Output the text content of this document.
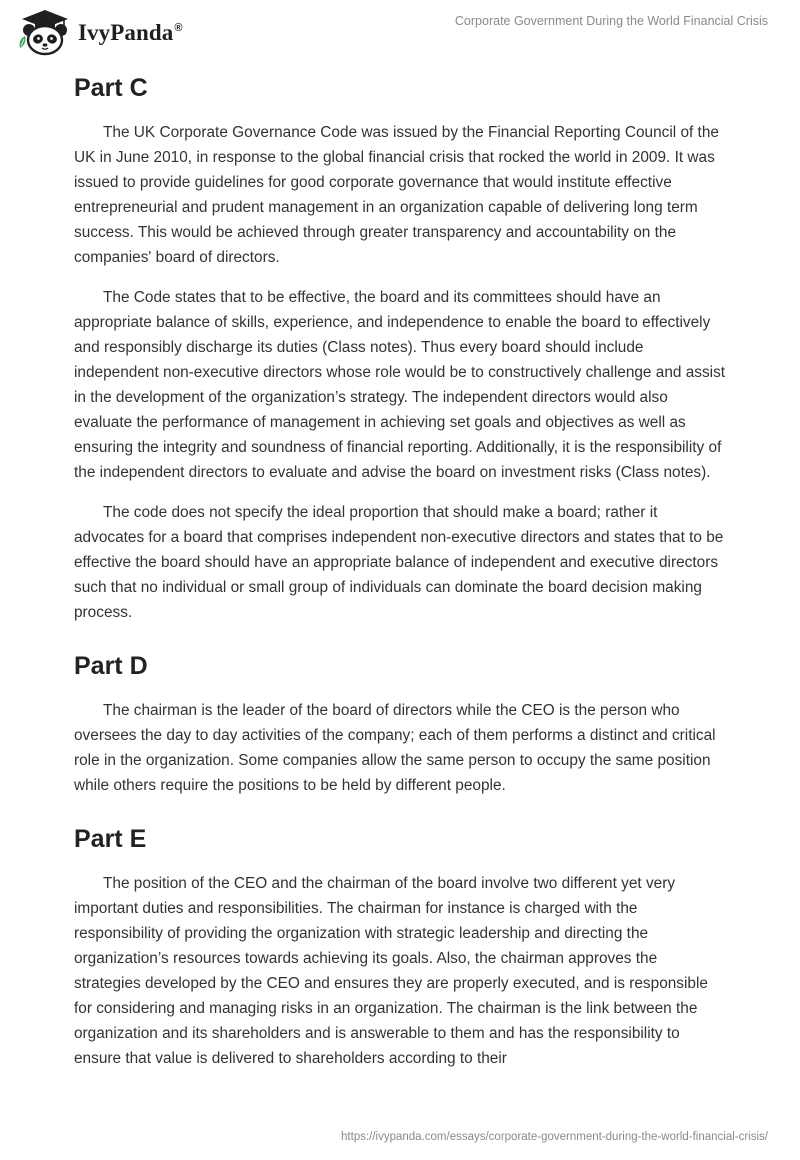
IvyPanda®
Corporate Government During the World Financial Crisis
Part C

The UK Corporate Governance Code was issued by the Financial Reporting Council of the UK in June 2010, in response to the global financial crisis that rocked the world in 2009. It was issued to provide guidelines for good corporate governance that would institute effective entrepreneurial and prudent management in an organization capable of delivering long term success. This would be achieved through greater transparency and accountability on the companies' board of directors.

The Code states that to be effective, the board and its committees should have an appropriate balance of skills, experience, and independence to enable the board to effectively and responsibly discharge its duties (Class notes). Thus every board should include independent non-executive directors whose role would be to constructively challenge and assist in the development of the organization’s strategy. The independent directors would also evaluate the performance of management in achieving set goals and objectives as well as ensuring the integrity and soundness of financial reporting. Additionally, it is the responsibility of the independent directors to evaluate and advise the board on investment risks (Class notes).

The code does not specify the ideal proportion that should make a board; rather it advocates for a board that comprises independent non-executive directors and states that to be effective the board should have an appropriate balance of independent and executive directors such that no individual or small group of individuals can dominate the board decision making process.

Part D

The chairman is the leader of the board of directors while the CEO is the person who oversees the day to day activities of the company; each of them performs a distinct and critical role in the organization. Some companies allow the same person to occupy the same position while others require the positions to be held by different people.

Part E

The position of the CEO and the chairman of the board involve two different yet very important duties and responsibilities. The chairman for instance is charged with the responsibility of providing the organization with strategic leadership and directing the organization’s resources towards achieving its goals. Also, the chairman approves the strategies developed by the CEO and ensures they are properly executed, and is responsible for considering and managing risks in an organization. The chairman is the link between the organization and its shareholders and is answerable to them and has the responsibility to ensure that value is delivered to shareholders according to their

https://ivypanda.com/essays/corporate-government-during-the-world-financial-crisis/
